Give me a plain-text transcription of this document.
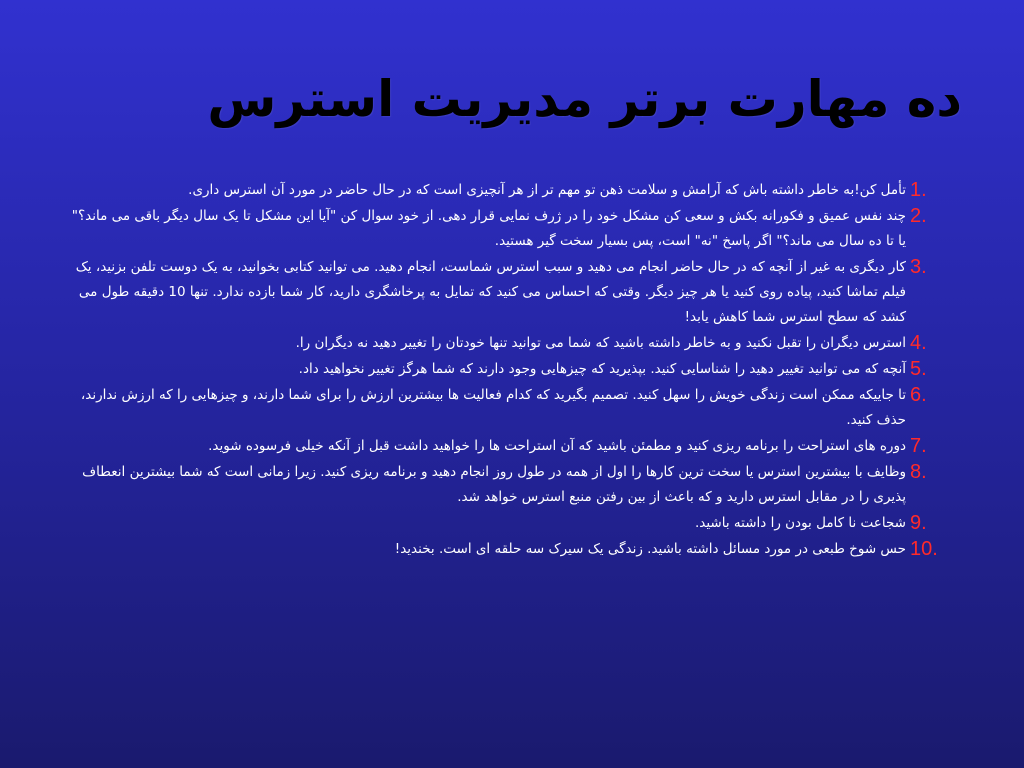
ده مهارت برتر مديريت استرس
1.
تأمل كن!به خاطر داشته باش كه آرامش و سلامت ذهن تو مهم تر از هر آنچيزی است كه در حال حاضر در مورد آن استرس داری.
2.
چند نفس عميق و فكورانه بكش و سعی كن مشكل خود را در ژرف نمايی قرار دهی. از خود سوال كن "آيا اين مشكل تا يک سال ديگر باقی می ماند؟" يا تا ده سال می ماند؟" اگر پاسخ "نه" است، پس بسيار سخت گير هستيد.
3.
كار ديگری به غير از آنچه كه در حال حاضر انجام می دهيد و سبب استرس شماست، انجام دهيد. می توانيد كتابی بخوانيد، به يک دوست تلفن بزنيد، يک فيلم تماشا كنيد، پياده روی كنيد يا هر چيز ديگر. وقتی كه احساس می كنيد كه تمايل به پرخاشگری داريد، كار شما بازده ندارد. تنها 10 دقيقه طول می كشد كه سطح استرس شما كاهش يابد!
4.
استرس ديگران را تقبل نكنيد و به خاطر داشته باشيد كه شما می توانيد تنها خودتان را تغيير دهيد نه ديگران را.
5.
آنچه كه می توانيد تغيير دهيد را شناسايی كنيد. بپذيريد كه چيزهايی وجود دارند كه شما هرگز تغيير نخواهيد داد.
6.
تا جاييكه ممكن است زندگی خويش را سهل كنيد. تصميم بگيريد كه كدام فعاليت ها بيشترين ارزش را برای شما دارند، و چيزهايی را كه ارزش ندارند، حذف كنيد.
7.
دوره های استراحت را برنامه ريزی كنيد و مطمئن باشيد كه آن استراحت ها را خواهيد داشت قبل از آنكه خيلی فرسوده شويد.
8.
وظايف با بيشترين استرس يا سخت ترين كارها را اول از همه در طول روز انجام دهيد و برنامه ريزی كنيد. زيرا زمانی است كه شما بيشترين انعطاف پذيری را در مقابل استرس داريد و كه باعث از بين رفتن منبع استرس خواهد شد.
9.
شجاعت نا كامل بودن را داشته باشيد.
10.
حس شوخ طبعی در مورد مسائل داشته باشيد. زندگی يک سيرک سه حلقه ای است. بخنديد!
